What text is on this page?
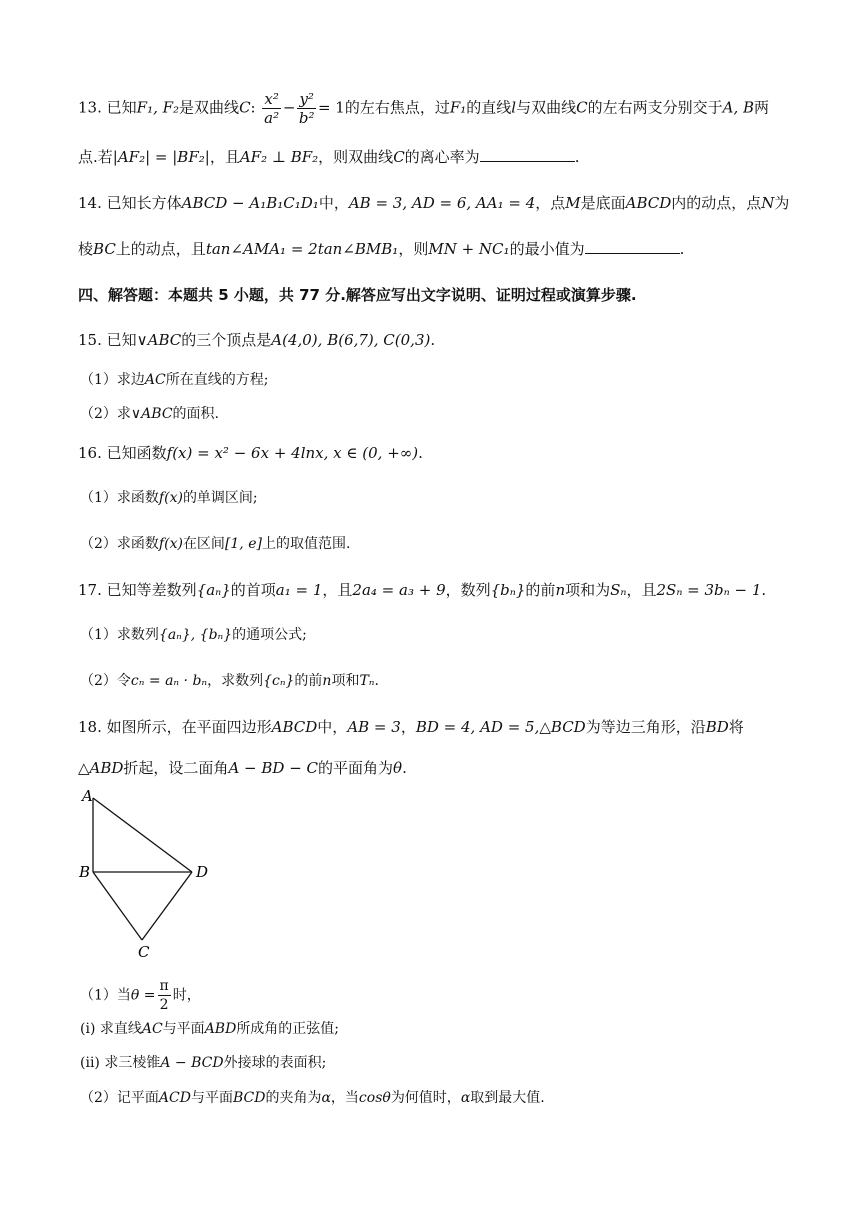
13. 已知F₁, F₂是双曲线C: $\frac{\text{x²}}{\text{a²}} - \frac{\text{y²}}{\text{b²}} = 1$的左右焦点，过F₁的直线l与双曲线C的左右两支分别交于A, B两
点.若|AF₂| = |BF₂|，且AF₂ ⊥ BF₂，则双曲线C的离心率为	.
14. 已知长方体ABCD − A₁B₁C₁D₁中，AB = 3, AD = 6, AA₁ = 4，点M是底面ABCD内的动点，点N为
棱BC上的动点，且tan∠AMA₁ = 2tan∠BMB₁，则MN + NC₁的最小值为	.
四、解答题：本题共 5 小题，共 77 分.解答应写出文字说明、证明过程或演算步骤.
15. 已知∨ABC的三个顶点是A(4,0), B(6,7), C(0,3).
（1）求边AC所在直线的方程;
（2）求∨ABC的面积.
16. 已知函数f(x) = x² − 6x + 4lnx, x ∈ (0, +∞).
（1）求函数f(x)的单调区间;
（2）求函数f(x)在区间[1, e]上的取值范围.
17. 已知等差数列{aₙ}的首项a₁ = 1，且2a₄ = a₃ + 9，数列{bₙ}的前n项和为Sₙ，且2Sₙ = 3bₙ − 1.
（1）求数列{aₙ}, {bₙ}的通项公式;
（2）令cₙ = aₙ · bₙ，求数列{cₙ}的前n项和Tₙ.
18. 如图所示，在平面四边形ABCD中，AB = 3，BD = 4, AD = 5,△BCD为等边三角形，沿BD将
△ABD折起，设二面角A − BD − C的平面角为θ.
A
B	D
C
（1）当$\theta = \frac{\pi}{2}$ 时，
(i) 求直线AC与平面ABD所成角的正弦值;
(ii) 求三棱锥A − BCD外接球的表面积;
（2）记平面ACD与平面BCD的夹角为α，当cosθ为何值时，α取到最大值.
